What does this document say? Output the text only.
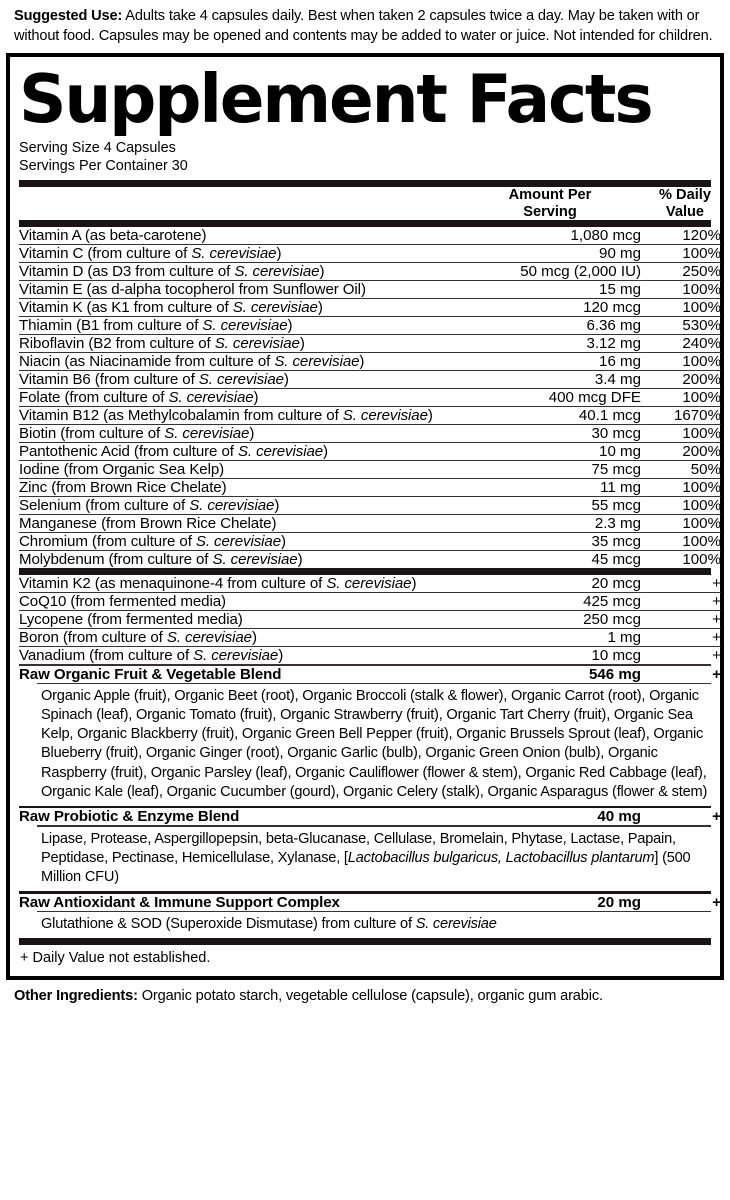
Suggested Use: Adults take 4 capsules daily. Best when taken 2 capsules twice a day. May be taken with or without food. Capsules may be opened and contents may be added to water or juice. Not intended for children.
Supplement Facts
Serving Size 4 Capsules
Servings Per Container 30

Amount Per
Serving

% Daily
Value
Vitamin A (as beta-carotene)	1,080 mcg	120%
Vitamin C (from culture of S. cerevisiae)	90 mg	100%
Vitamin D (as D3 from culture of S. cerevisiae)	50 mcg (2,000 IU)	250%
Vitamin E (as d-alpha tocopherol from Sunflower Oil)	15 mg	100%
Vitamin K (as K1 from culture of S. cerevisiae)	120 mcg	100%
Thiamin (B1 from culture of S. cerevisiae)	6.36 mg	530%
Riboflavin (B2 from culture of S. cerevisiae)	3.12 mg	240%
Niacin (as Niacinamide from culture of S. cerevisiae)	16 mg	100%
Vitamin B6 (from culture of S. cerevisiae)	3.4 mg	200%
Folate (from culture of S. cerevisiae)	400 mcg DFE	100%
Vitamin B12 (as Methylcobalamin from culture of S. cerevisiae)	40.1 mcg	1670%
Biotin (from culture of S. cerevisiae)	30 mcg	100%
Pantothenic Acid (from culture of S. cerevisiae)	10 mg	200%
Iodine (from Organic Sea Kelp)	75 mcg	50%
Zinc (from Brown Rice Chelate)	11 mg	100%
Selenium (from culture of S. cerevisiae)	55 mcg	100%
Manganese (from Brown Rice Chelate)	2.3 mg	100%
Chromium (from culture of S. cerevisiae)	35 mcg	100%
Molybdenum (from culture of S. cerevisiae)	45 mcg	100%
Vitamin K2 (as menaquinone-4 from culture of S. cerevisiae)	20 mcg	+
CoQ10 (from fermented media)	425 mcg	+
Lycopene (from fermented media)	250 mcg	+
Boron (from culture of S. cerevisiae)	1 mg	+
Vanadium (from culture of S. cerevisiae)	10 mcg	+
Raw Organic Fruit & Vegetable Blend	546 mg	+
Organic Apple (fruit), Organic Beet (root), Organic Broccoli (stalk & flower), Organic Carrot (root), Organic Spinach (leaf), Organic Tomato (fruit), Organic Strawberry (fruit), Organic Tart Cherry (fruit), Organic Sea Kelp, Organic Blackberry (fruit), Organic Green Bell Pepper (fruit), Organic Brussels Sprout (leaf), Organic Blueberry (fruit), Organic Ginger (root), Organic Garlic (bulb), Organic Green Onion (bulb), Organic Raspberry (fruit), Organic Parsley (leaf), Organic Cauliflower (flower & stem), Organic Red Cabbage (leaf), Organic Kale (leaf), Organic Cucumber (gourd), Organic Celery (stalk), Organic Asparagus (flower & stem)
Raw Probiotic & Enzyme Blend	40 mg	+
Lipase, Protease, Aspergillopepsin, beta-Glucanase, Cellulase, Bromelain, Phytase, Lactase, Papain, Peptidase, Pectinase, Hemicellulase, Xylanase, [Lactobacillus bulgaricus, Lactobacillus plantarum] (500 Million CFU)
Raw Antioxidant & Immune Support Complex	20 mg	+
Glutathione & SOD (Superoxide Dismutase) from culture of S. cerevisiae
+ Daily Value not established.
Other Ingredients: Organic potato starch, vegetable cellulose (capsule), organic gum arabic.
